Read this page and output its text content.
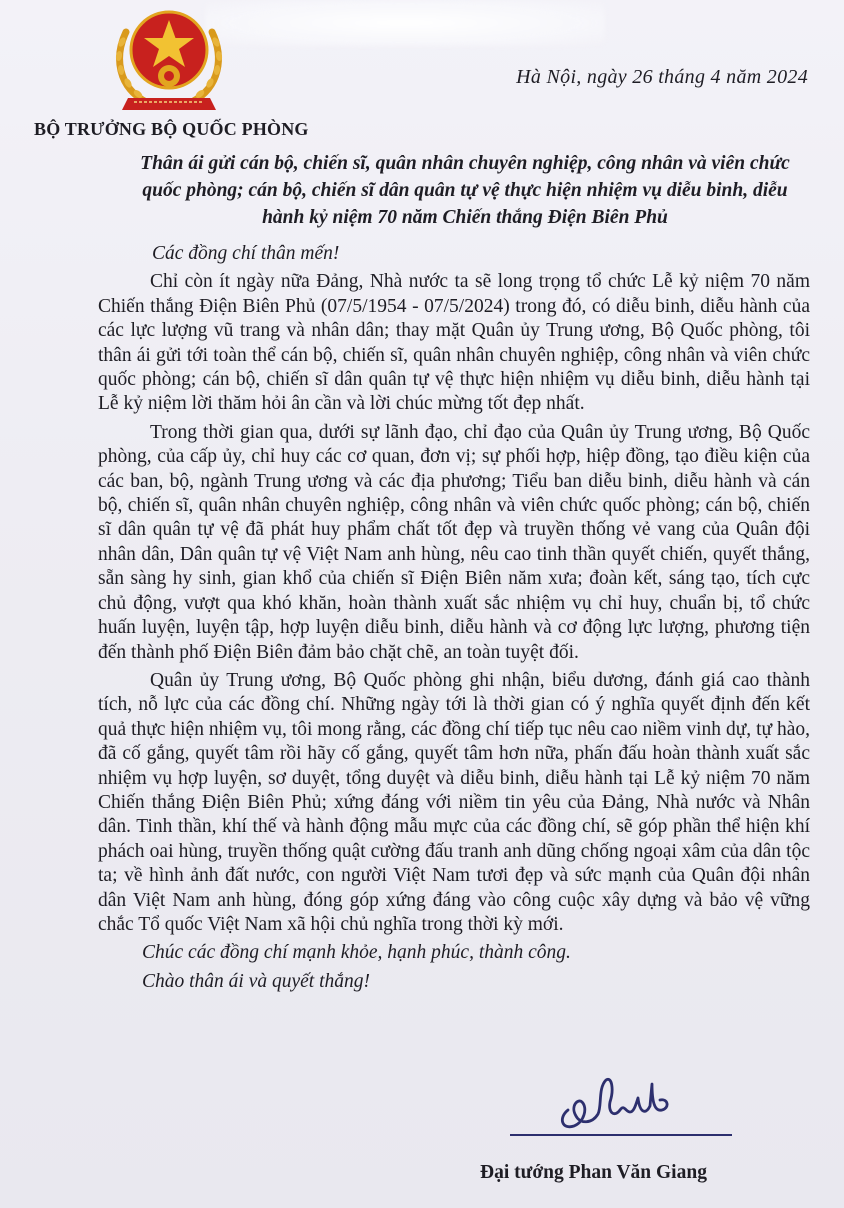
Hà Nội, ngày 26 tháng 4 năm 2024
BỘ TRƯỞNG BỘ QUỐC PHÒNG
Thân ái gửi cán bộ, chiến sĩ, quân nhân chuyên nghiệp, công nhân và viên chức quốc phòng; cán bộ, chiến sĩ dân quân tự vệ thực hiện nhiệm vụ diễu binh, diễu hành kỷ niệm 70 năm Chiến thắng Điện Biên Phủ
Các đồng chí thân mến!

Chỉ còn ít ngày nữa Đảng, Nhà nước ta sẽ long trọng tổ chức Lễ kỷ niệm 70 năm Chiến thắng Điện Biên Phủ (07/5/1954 - 07/5/2024) trong đó, có diễu binh, diễu hành của các lực lượng vũ trang và nhân dân; thay mặt Quân ủy Trung ương, Bộ Quốc phòng, tôi thân ái gửi tới toàn thể cán bộ, chiến sĩ, quân nhân chuyên nghiệp, công nhân và viên chức quốc phòng; cán bộ, chiến sĩ dân quân tự vệ thực hiện nhiệm vụ diễu binh, diễu hành tại Lễ kỷ niệm lời thăm hỏi ân cần và lời chúc mừng tốt đẹp nhất.

Trong thời gian qua, dưới sự lãnh đạo, chỉ đạo của Quân ủy Trung ương, Bộ Quốc phòng, của cấp ủy, chỉ huy các cơ quan, đơn vị; sự phối hợp, hiệp đồng, tạo điều kiện của các ban, bộ, ngành Trung ương và các địa phương; Tiểu ban diễu binh, diễu hành và cán bộ, chiến sĩ, quân nhân chuyên nghiệp, công nhân và viên chức quốc phòng; cán bộ, chiến sĩ dân quân tự vệ đã phát huy phẩm chất tốt đẹp và truyền thống vẻ vang của Quân đội nhân dân, Dân quân tự vệ Việt Nam anh hùng, nêu cao tinh thần quyết chiến, quyết thắng, sẵn sàng hy sinh, gian khổ của chiến sĩ Điện Biên năm xưa; đoàn kết, sáng tạo, tích cực chủ động, vượt qua khó khăn, hoàn thành xuất sắc nhiệm vụ chỉ huy, chuẩn bị, tổ chức huấn luyện, luyện tập, hợp luyện diễu binh, diễu hành và cơ động lực lượng, phương tiện đến thành phố Điện Biên đảm bảo chặt chẽ, an toàn tuyệt đối.

Quân ủy Trung ương, Bộ Quốc phòng ghi nhận, biểu dương, đánh giá cao thành tích, nỗ lực của các đồng chí. Những ngày tới là thời gian có ý nghĩa quyết định đến kết quả thực hiện nhiệm vụ, tôi mong rằng, các đồng chí tiếp tục nêu cao niềm vinh dự, tự hào, đã cố gắng, quyết tâm rồi hãy cố gắng, quyết tâm hơn nữa, phấn đấu hoàn thành xuất sắc nhiệm vụ hợp luyện, sơ duyệt, tổng duyệt và diễu binh, diễu hành tại Lễ kỷ niệm 70 năm Chiến thắng Điện Biên Phủ; xứng đáng với niềm tin yêu của Đảng, Nhà nước và Nhân dân. Tinh thần, khí thế và hành động mẫu mực của các đồng chí, sẽ góp phần thể hiện khí phách oai hùng, truyền thống quật cường đấu tranh anh dũng chống ngoại xâm của dân tộc ta; về hình ảnh đất nước, con người Việt Nam tươi đẹp và sức mạnh của Quân đội nhân dân Việt Nam anh hùng, đóng góp xứng đáng vào công cuộc xây dựng và bảo vệ vững chắc Tổ quốc Việt Nam xã hội chủ nghĩa trong thời kỳ mới.

Chúc các đồng chí mạnh khỏe, hạnh phúc, thành công.

Chào thân ái và quyết thắng!

Đại tướng Phan Văn Giang
